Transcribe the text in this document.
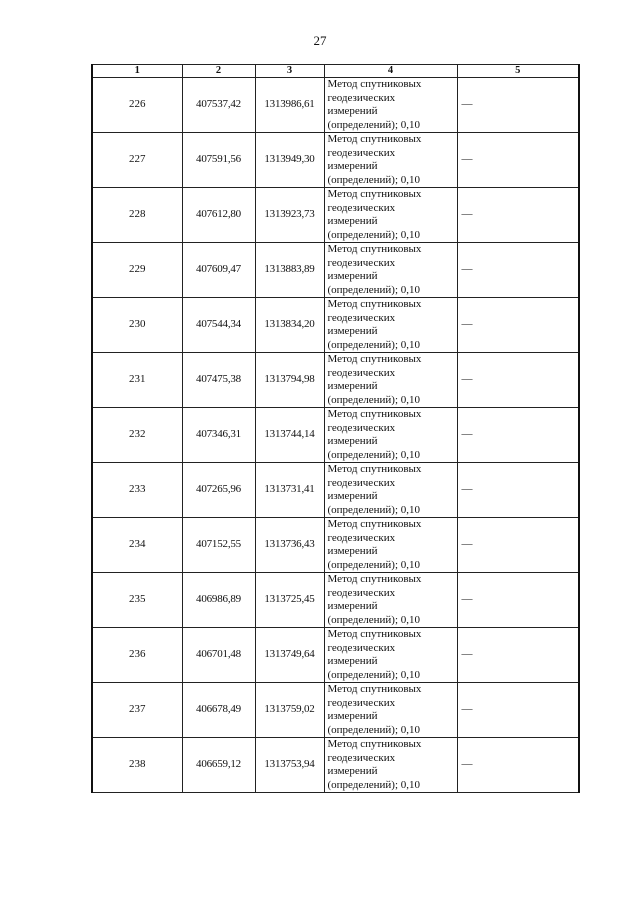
27
1	2	3	4	5
226	407537,42	1313986,61	Метод спутниковых
геодезических
измерений
(определений); 0,10	—
227	407591,56	1313949,30	Метод спутниковых
геодезических
измерений
(определений); 0,10	—
228	407612,80	1313923,73	Метод спутниковых
геодезических
измерений
(определений); 0,10	—
229	407609,47	1313883,89	Метод спутниковых
геодезических
измерений
(определений); 0,10	—
230	407544,34	1313834,20	Метод спутниковых
геодезических
измерений
(определений); 0,10	—
231	407475,38	1313794,98	Метод спутниковых
геодезических
измерений
(определений); 0,10	—
232	407346,31	1313744,14	Метод спутниковых
геодезических
измерений
(определений); 0,10	—
233	407265,96	1313731,41	Метод спутниковых
геодезических
измерений
(определений); 0,10	—
234	407152,55	1313736,43	Метод спутниковых
геодезических
измерений
(определений); 0,10	—
235	406986,89	1313725,45	Метод спутниковых
геодезических
измерений
(определений); 0,10	—
236	406701,48	1313749,64	Метод спутниковых
геодезических
измерений
(определений); 0,10	—
237	406678,49	1313759,02	Метод спутниковых
геодезических
измерений
(определений); 0,10	—
238	406659,12	1313753,94	Метод спутниковых
геодезических
измерений
(определений); 0,10	—
